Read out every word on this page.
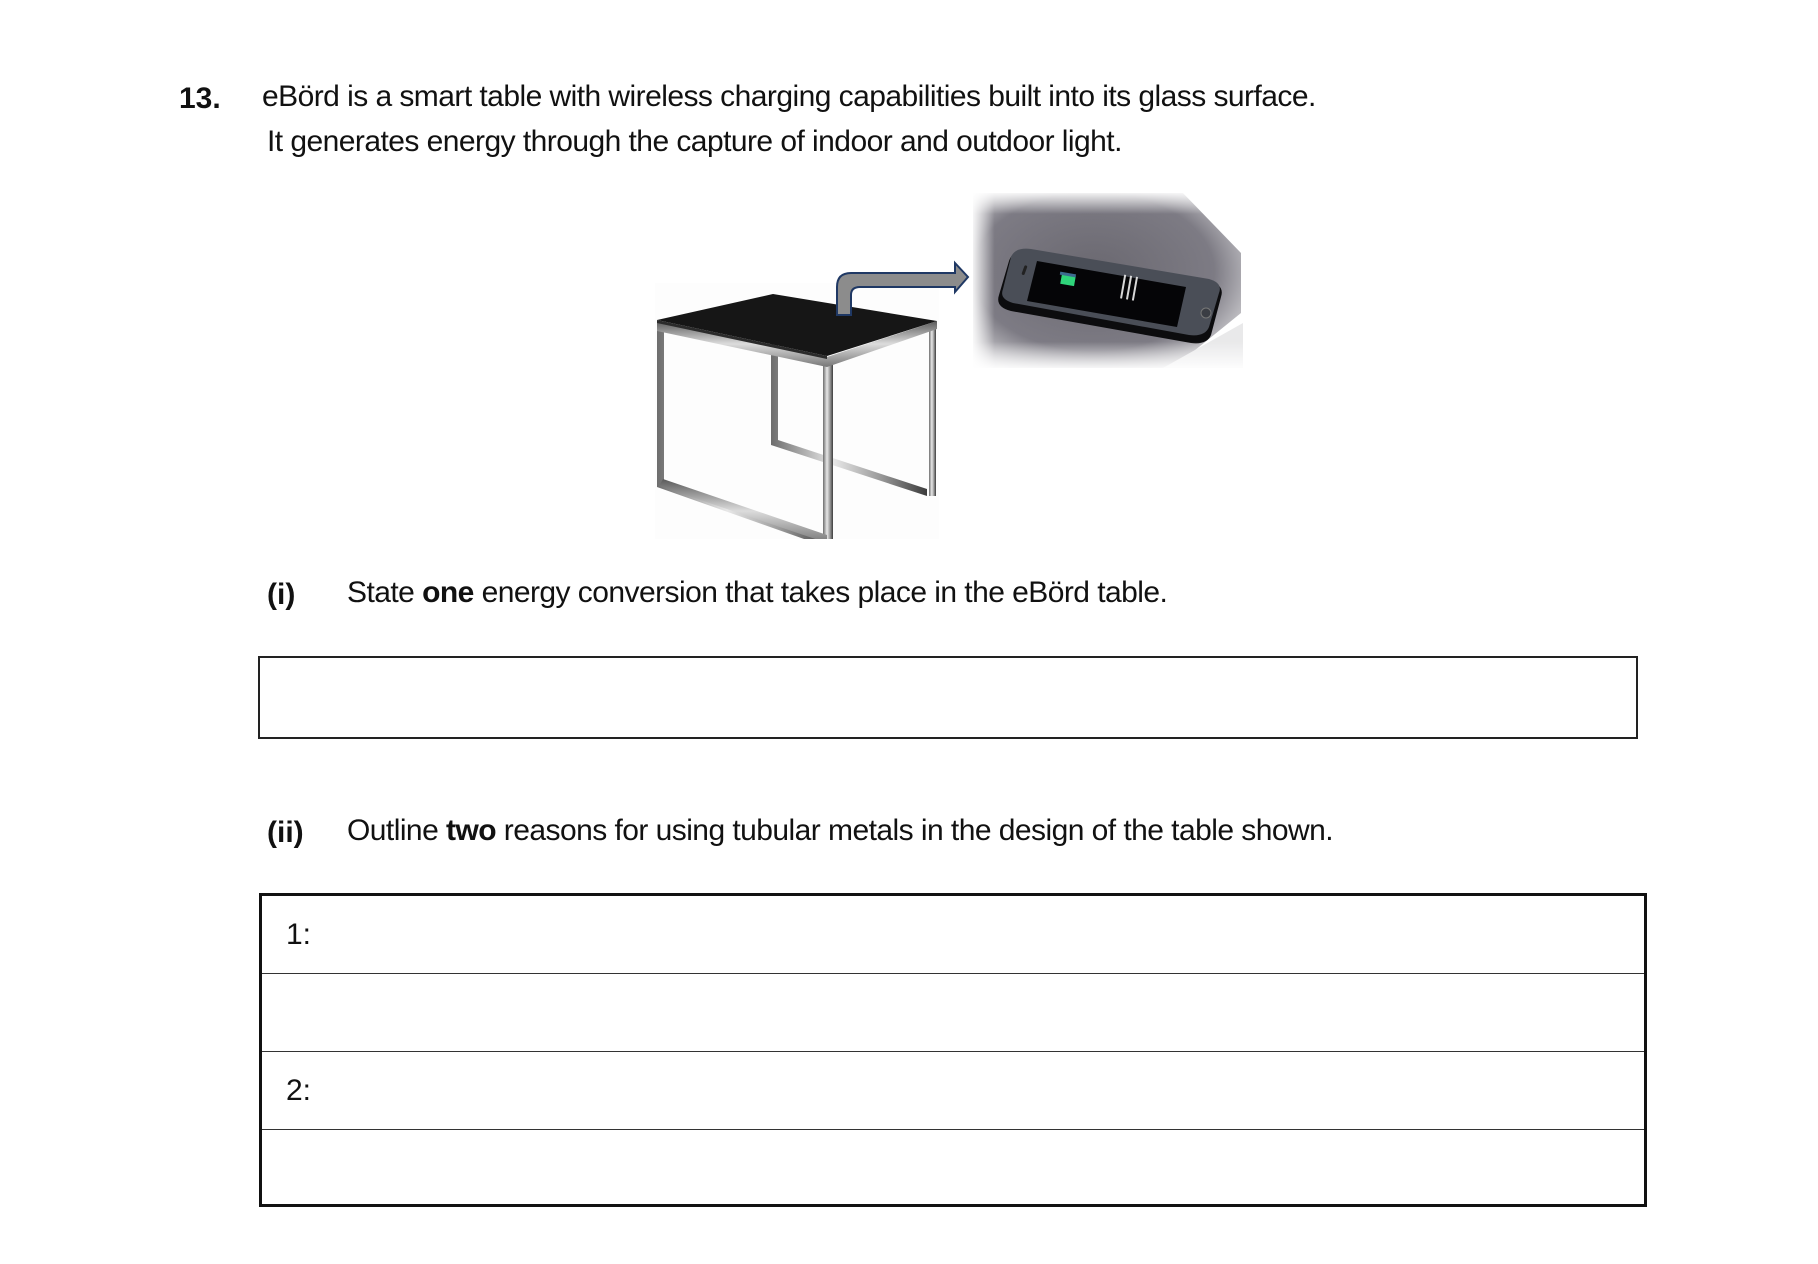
13. eBörd is a smart table with wireless charging capabilities built into its glass surface.
It generates energy through the capture of indoor and outdoor light.
(i) State one energy conversion that takes place in the eBörd table.
(ii) Outline two reasons for using tubular metals in the design of the table shown.
1:
2:
